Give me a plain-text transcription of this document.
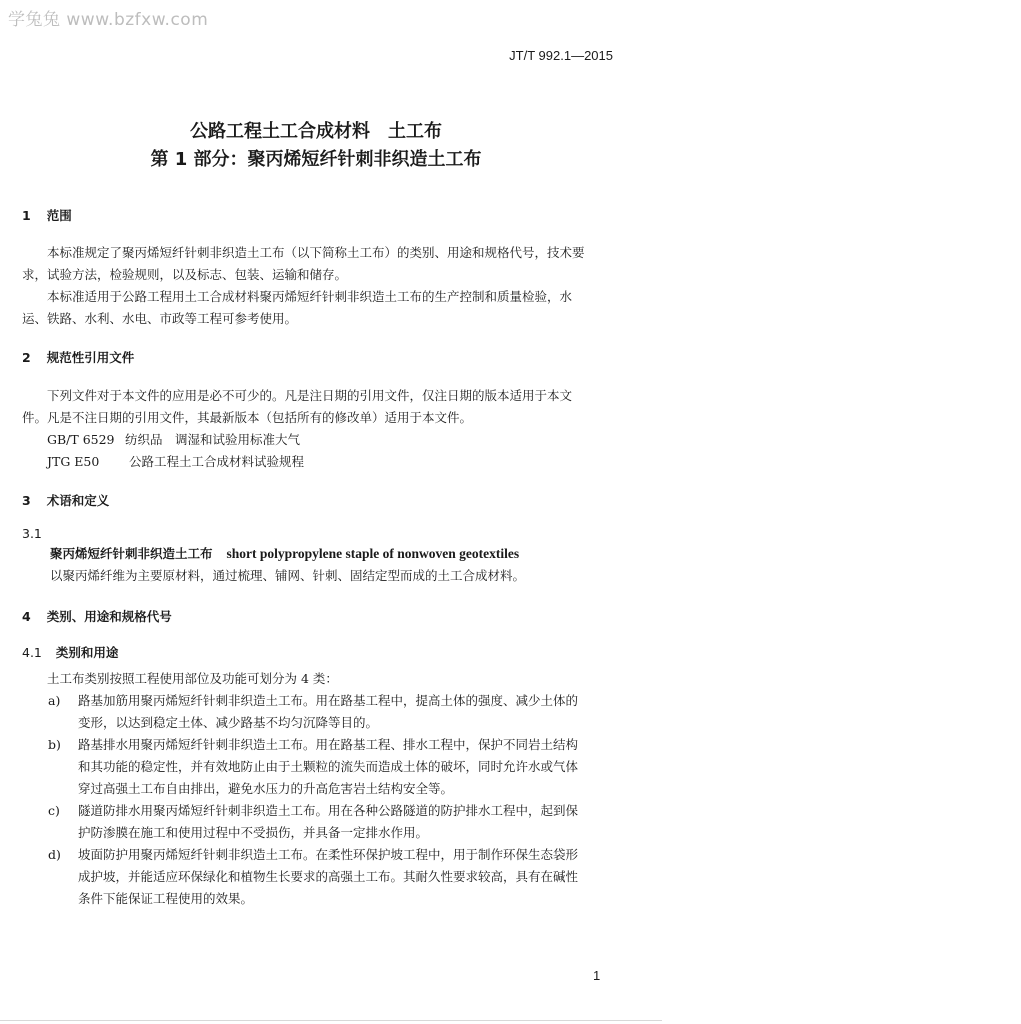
学兔兔 www.bzfxw.com
JT/T 992.1—2015
公路工程土工合成材料　土工布
第 1 部分：聚丙烯短纤针刺非织造土工布
1 范围
本标准规定了聚丙烯短纤针刺非织造土工布（以下简称土工布）的类别、用途和规格代号，技术要
求，试验方法，检验规则，以及标志、包装、运输和储存。
本标准适用于公路工程用土工合成材料聚丙烯短纤针刺非织造土工布的生产控制和质量检验，水
运、铁路、水利、水电、市政等工程可参考使用。
2 规范性引用文件
下列文件对于本文件的应用是必不可少的。凡是注日期的引用文件，仅注日期的版本适用于本文
件。凡是不注日期的引用文件，其最新版本（包括所有的修改单）适用于本文件。
GB/T 6529 纺织品　调湿和试验用标准大气
JTG E50 公路工程土工合成材料试验规程
3 术语和定义
3.1
聚丙烯短纤针刺非织造土工布 short polypropylene staple of nonwoven geotextiles
以聚丙烯纤维为主要原材料，通过梳理、铺网、针刺、固结定型而成的土工合成材料。
4 类别、用途和规格代号
4.1 类别和用途
土工布类别按照工程使用部位及功能可划分为 4 类：
a) 路基加筋用聚丙烯短纤针刺非织造土工布。用在路基工程中，提高土体的强度、减少土体的
变形，以达到稳定土体、减少路基不均匀沉降等目的。
b) 路基排水用聚丙烯短纤针刺非织造土工布。用在路基工程、排水工程中，保护不同岩土结构
和其功能的稳定性，并有效地防止由于土颗粒的流失而造成土体的破坏，同时允许水或气体
穿过高强土工布自由排出，避免水压力的升高危害岩土结构安全等。
c) 隧道防排水用聚丙烯短纤针刺非织造土工布。用在各种公路隧道的防护排水工程中，起到保
护防渗膜在施工和使用过程中不受损伤，并具备一定排水作用。
d) 坡面防护用聚丙烯短纤针刺非织造土工布。在柔性环保护坡工程中，用于制作环保生态袋形
成护坡，并能适应环保绿化和植物生长要求的高强土工布。其耐久性要求较高，具有在碱性
条件下能保证工程使用的效果。
1
